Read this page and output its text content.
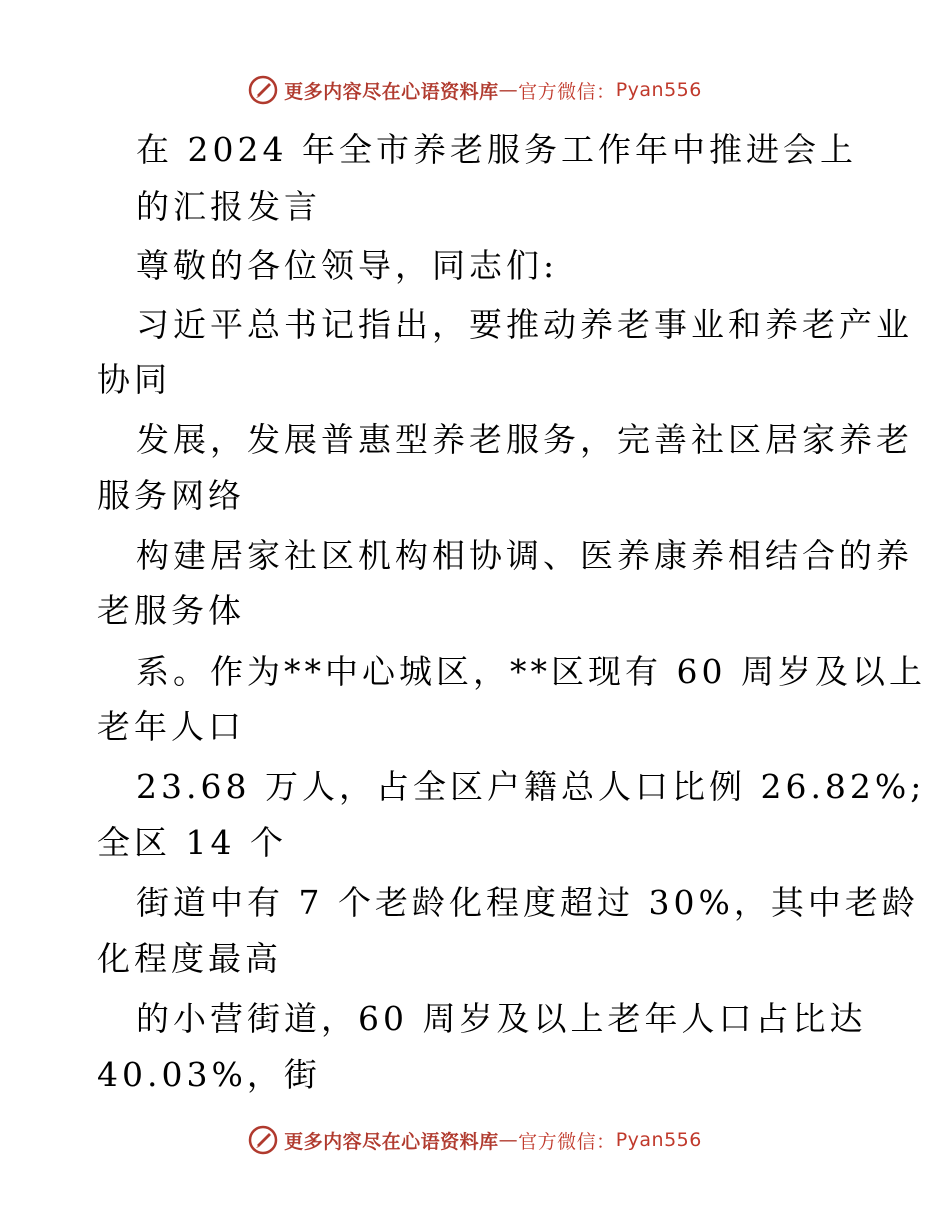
更多内容尽在心语资料库 — 官方微信： Pyan556
在 2024 年全市养老服务工作年中推进会上
的汇报发言
尊敬的各位领导，同志们:
习近平总书记指出，要推动养老事业和养老产业
协同
发展，发展普惠型养老服务，完善社区居家养老
服务网络
构建居家社区机构相协调、医养康养相结合的养
老服务体
系。作为**中心城区，**区现有 60 周岁及以上
老年人口
23.68 万人，占全区户籍总人口比例 26.82%;
全区 14 个
街道中有 7 个老龄化程度超过 30%，其中老龄
化程度最高
的小营街道，60 周岁及以上老年人口占比达
40.03%，街
更多内容尽在心语资料库 — 官方微信： Pyan556
